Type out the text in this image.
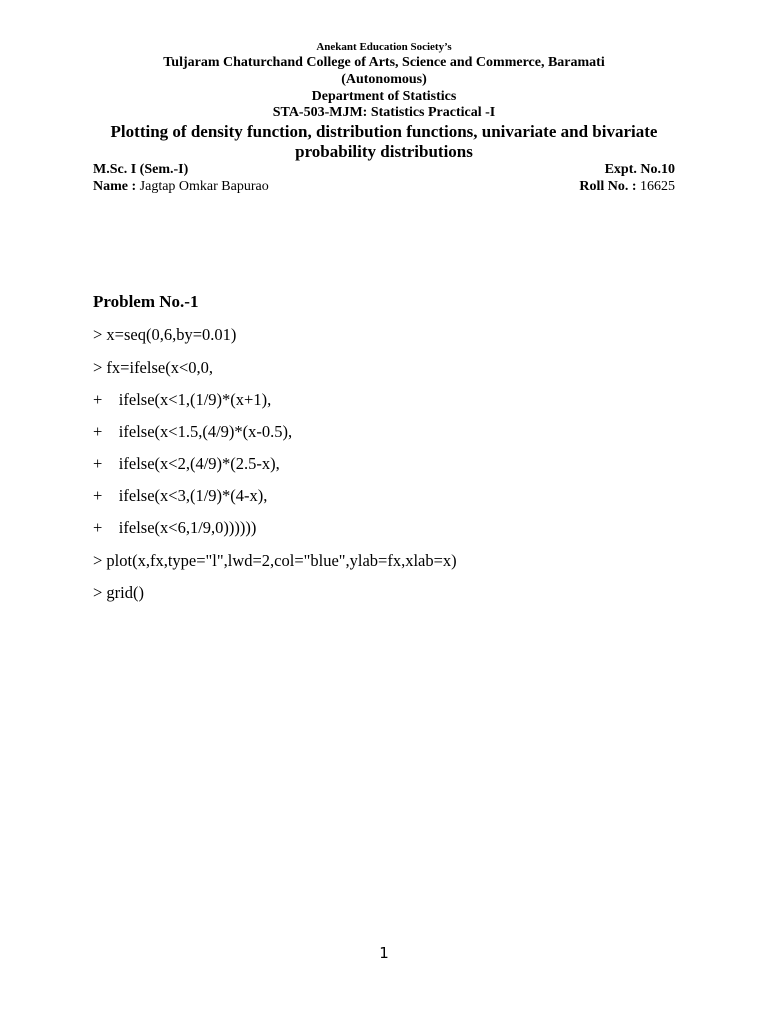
Anekant Education Society’s
Tuljaram Chaturchand College of Arts, Science and Commerce, Baramati
(Autonomous)
Department of Statistics
STA-503-MJM: Statistics Practical -I
Plotting of density function, distribution functions, univariate and bivariate
probability distributions
M.Sc. I (Sem.-I)	Expt. No.10
Name : Jagtap Omkar Bapurao	Roll No. : 16625
Problem No.-1
> x=seq(0,6,by=0.01)
> fx=ifelse(x<0,0,
+    ifelse(x<1,(1/9)*(x+1),
+    ifelse(x<1.5,(4/9)*(x-0.5),
+    ifelse(x<2,(4/9)*(2.5-x),
+    ifelse(x<3,(1/9)*(4-x),
+    ifelse(x<6,1/9,0))))))
> plot(x,fx,type="l",lwd=2,col="blue",ylab=fx,xlab=x)
> grid()
1
